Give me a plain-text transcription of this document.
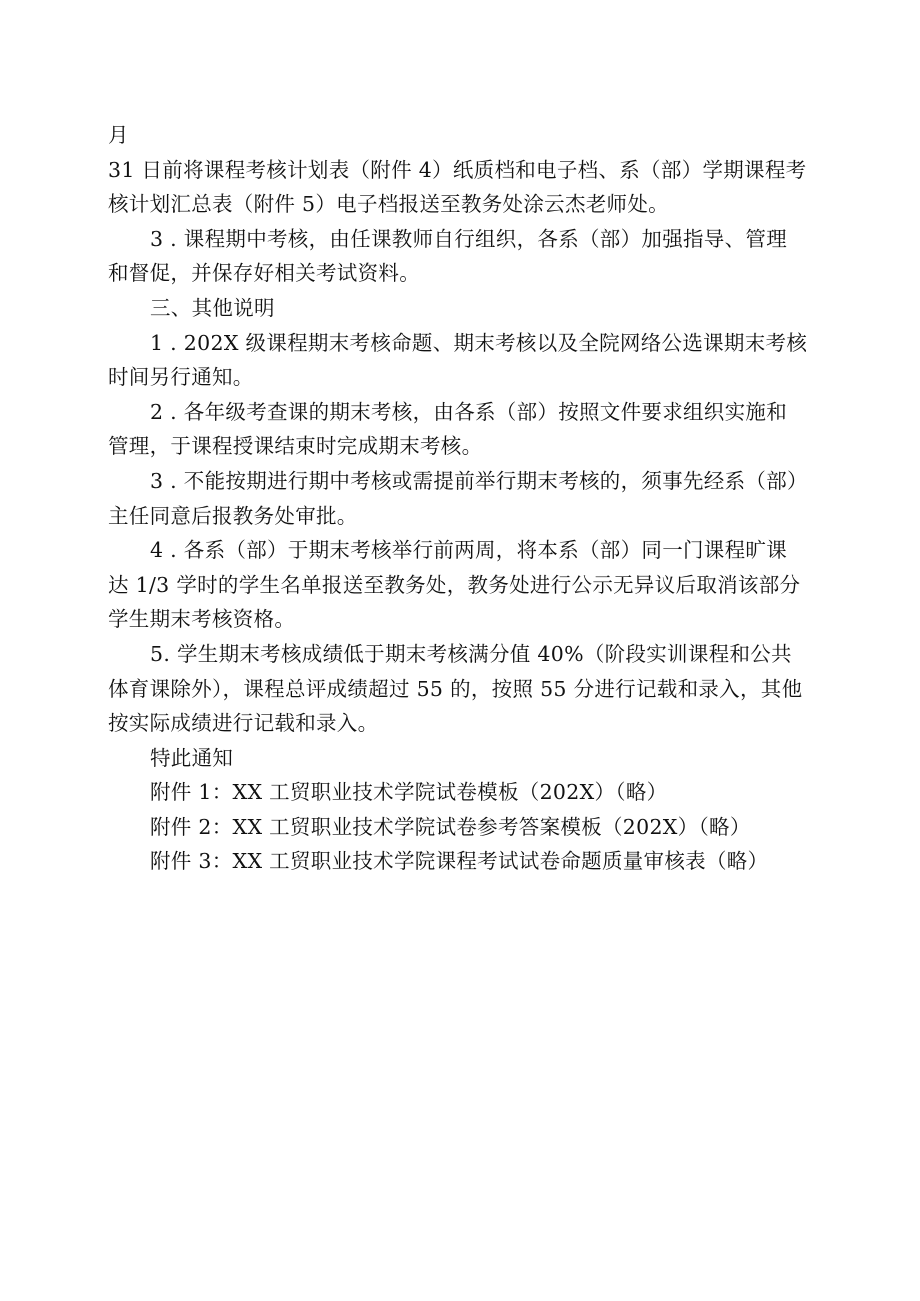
月
31 日前将课程考核计划表（附件 4）纸质档和电子档、系（部）学期课程考
核计划汇总表（附件 5）电子档报送至教务处涂云杰老师处。
3 . 课程期中考核，由任课教师自行组织，各系（部）加强指导、管理
和督促，并保存好相关考试资料。
三、其他说明
1 . 202X 级课程期末考核命题、期末考核以及全院网络公选课期末考核
时间另行通知。
2 . 各年级考查课的期末考核，由各系（部）按照文件要求组织实施和
管理，于课程授课结束时完成期末考核。
3 . 不能按期进行期中考核或需提前举行期末考核的，须事先经系（部）
主任同意后报教务处审批。
4 . 各系（部）于期末考核举行前两周，将本系（部）同一门课程旷课
达 1/3 学时的学生名单报送至教务处，教务处进行公示无异议后取消该部分
学生期末考核资格。
5. 学生期末考核成绩低于期末考核满分值 40%（阶段实训课程和公共
体育课除外），课程总评成绩超过 55 的，按照 55 分进行记载和录入，其他
按实际成绩进行记载和录入。
特此通知
附件 1：XX 工贸职业技术学院试卷模板（202X）（略）
附件 2：XX 工贸职业技术学院试卷参考答案模板（202X）（略）
附件 3：XX 工贸职业技术学院课程考试试卷命题质量审核表（略）
